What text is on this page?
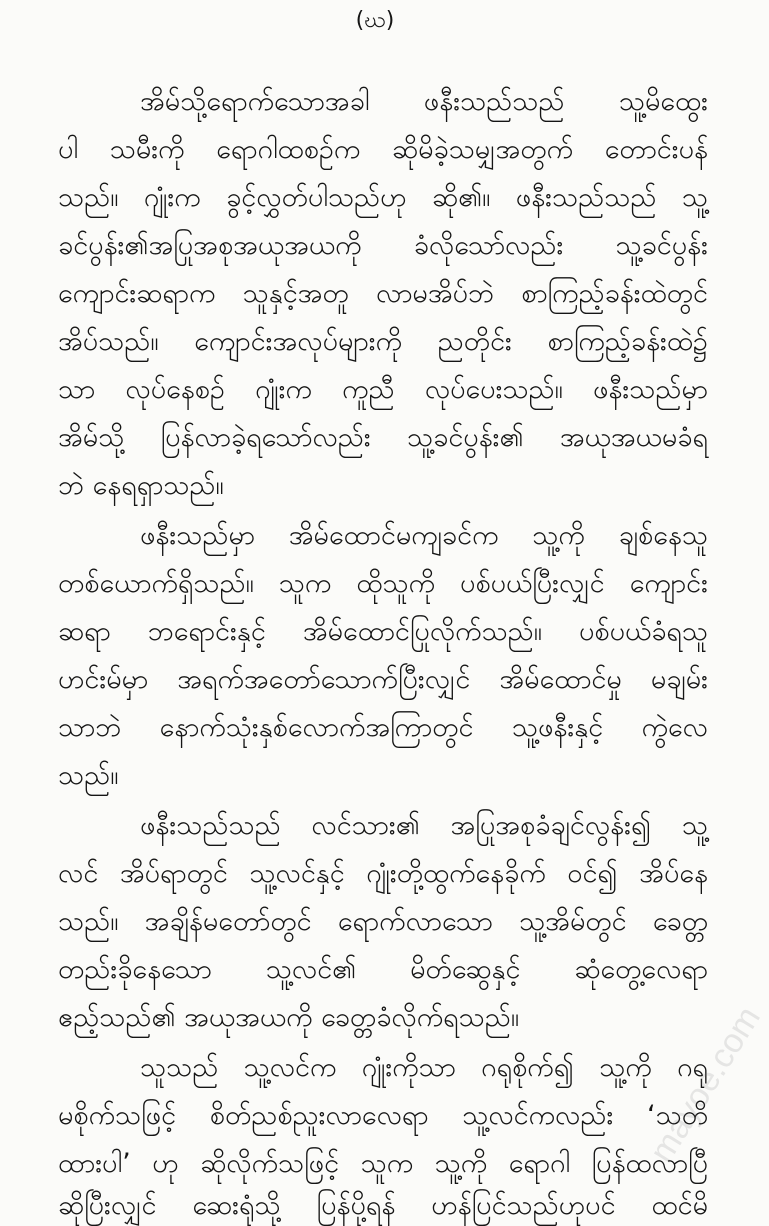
(ဃ)
အိမ်သို့ရောက်သောအခါ ဖနီးသည်သည် သူ့မိထွေး
ပါ သမီးကို ရောဂါထစဉ်က ဆိုမိခဲ့သမျှအတွက် တောင်းပန်
သည်။ ဂျုံးက ခွင့်လွှတ်ပါသည်ဟု ဆို၏။ ဖနီးသည်သည် သူ့
ခင်ပွန်း၏အပြုအစုအယုအယကို ခံလိုသော်လည်း သူ့ခင်ပွန်း
ကျောင်းဆရာက သူနှင့်အတူ လာမအိပ်ဘဲ စာကြည့်ခန်းထဲတွင်
အိပ်သည်။ ကျောင်းအလုပ်များကို ညတိုင်း စာကြည့်ခန်းထဲ၌
သာ လုပ်နေစဉ် ဂျုံးက ကူညီ လုပ်ပေးသည်။ ဖနီးသည်မှာ
အိမ်သို့ ပြန်လာခဲ့ရသော်လည်း သူ့ခင်ပွန်း၏ အယုအယမခံရ
ဘဲ နေရရှာသည်။
ဖနီးသည်မှာ အိမ်ထောင်မကျခင်က သူ့ကို ချစ်နေသူ
တစ်ယောက်ရှိသည်။ သူက ထိုသူကို ပစ်ပယ်ပြီးလျှင် ကျောင်း
ဆရာ ဘရောင်းနှင့် အိမ်ထောင်ပြုလိုက်သည်။ ပစ်ပယ်ခံရသူ
ဟင်းမ်မှာ အရက်အတော်သောက်ပြီးလျှင် အိမ်ထောင်မှု မချမ်း
သာဘဲ နောက်သုံးနှစ်လောက်အကြာတွင် သူ့ဖနီးနှင့် ကွဲလေ
သည်။
ဖနီးသည်သည် လင်သား၏ အပြုအစုခံချင်လွန်း၍ သူ့
လင် အိပ်ရာတွင် သူ့လင်နှင့် ဂျုံးတို့ထွက်နေခိုက် ဝင်၍ အိပ်နေ
သည်။ အချိန်မတော်တွင် ရောက်လာသော သူ့အိမ်တွင် ခေတ္တ
တည်းခိုနေသော သူ့လင်၏ မိတ်ဆွေနှင့် ဆုံတွေ့လေရာ
ဧည့်သည်၏ အယုအယကို ခေတ္တခံလိုက်ရသည်။
သူသည် သူ့လင်က ဂျုံးကိုသာ ဂရုစိုက်၍ သူ့ကို ဂရု
မစိုက်သဖြင့် စိတ်ညစ်ညူးလာလေရာ သူ့လင်ကလည်း ‘သတိ
ထားပါ’ ဟု ဆိုလိုက်သဖြင့် သူက သူ့ကို ရောဂါ ပြန်ထလာပြီ
ဆိုပြီးလျှင် ဆေးရုံသို့ ပြန်ပို့ရန် ဟန်ပြင်သည်ဟုပင် ထင်မိ
mayoe.com
